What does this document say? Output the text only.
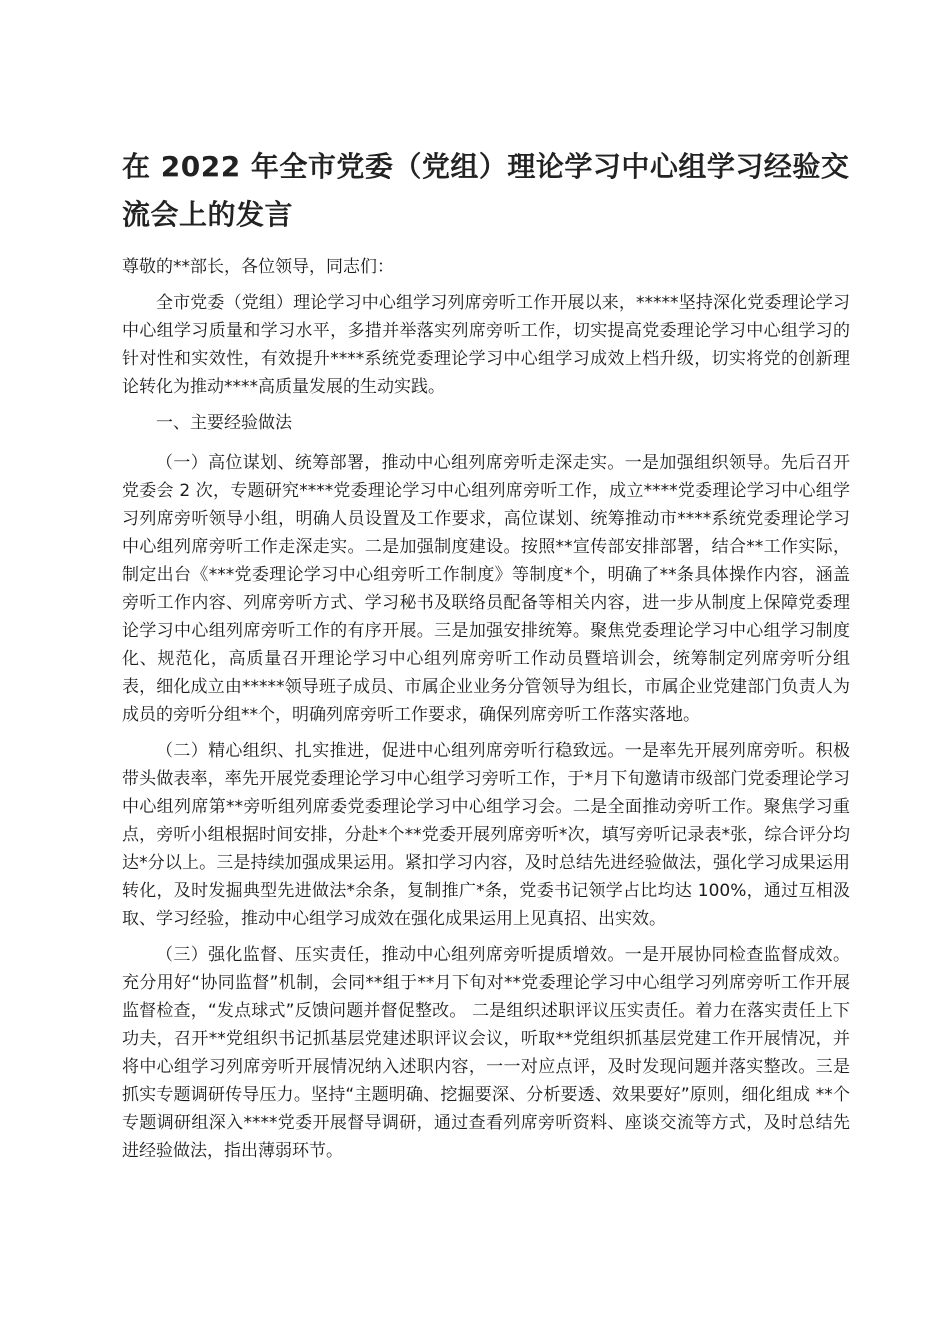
在 2022 年全市党委（党组）理论学习中心组学习经验交流会上的发言

尊敬的**部长，各位领导，同志们：

全市党委（党组）理论学习中心组学习列席旁听工作开展以来，*****坚持深化党委理论学习中心组学习质量和学习水平，多措并举落实列席旁听工作，切实提高党委理论学习中心组学习的针对性和实效性，有效提升****系统党委理论学习中心组学习成效上档升级，切实将党的创新理论转化为推动****高质量发展的生动实践。

一、主要经验做法

（一）高位谋划、统筹部署，推动中心组列席旁听走深走实。一是加强组织领导。先后召开党委会 2 次，专题研究****党委理论学习中心组列席旁听工作，成立****党委理论学习中心组学习列席旁听领导小组，明确人员设置及工作要求，高位谋划、统筹推动市****系统党委理论学习中心组列席旁听工作走深走实。二是加强制度建设。按照**宣传部安排部署，结合**工作实际，制定出台《***党委理论学习中心组旁听工作制度》等制度*个，明确了**条具体操作内容，涵盖旁听工作内容、列席旁听方式、学习秘书及联络员配备等相关内容，进一步从制度上保障党委理论学习中心组列席旁听工作的有序开展。三是加强安排统筹。聚焦党委理论学习中心组学习制度化、规范化，高质量召开理论学习中心组列席旁听工作动员暨培训会，统筹制定列席旁听分组表，细化成立由*****领导班子成员、市属企业业务分管领导为组长，市属企业党建部门负责人为成员的旁听分组**个，明确列席旁听工作要求，确保列席旁听工作落实落地。

（二）精心组织、扎实推进，促进中心组列席旁听行稳致远。一是率先开展列席旁听。积极带头做表率，率先开展党委理论学习中心组学习旁听工作，于*月下旬邀请市级部门党委理论学习中心组列席第**旁听组列席委党委理论学习中心组学习会。二是全面推动旁听工作。聚焦学习重点，旁听小组根据时间安排，分赴*个**党委开展列席旁听*次，填写旁听记录表*张，综合评分均达*分以上。三是持续加强成果运用。紧扣学习内容，及时总结先进经验做法，强化学习成果运用转化，及时发掘典型先进做法*余条，复制推广*条，党委书记领学占比均达 100%，通过互相汲取、学习经验，推动中心组学习成效在强化成果运用上见真招、出实效。

（三）强化监督、压实责任，推动中心组列席旁听提质增效。一是开展协同检查监督成效。充分用好“协同监督”机制，会同**组于**月下旬对**党委理论学习中心组学习列席旁听工作开展监督检查，“发点球式”反馈问题并督促整改。 二是组织述职评议压实责任。着力在落实责任上下功夫，召开**党组织书记抓基层党建述职评议会议，听取**党组织抓基层党建工作开展情况，并将中心组学习列席旁听开展情况纳入述职内容，一一对应点评，及时发现问题并落实整改。三是抓实专题调研传导压力。坚持“主题明确、挖掘要深、分析要透、效果要好”原则，细化组成 **个专题调研组深入****党委开展督导调研，通过查看列席旁听资料、座谈交流等方式，及时总结先进经验做法，指出薄弱环节。
